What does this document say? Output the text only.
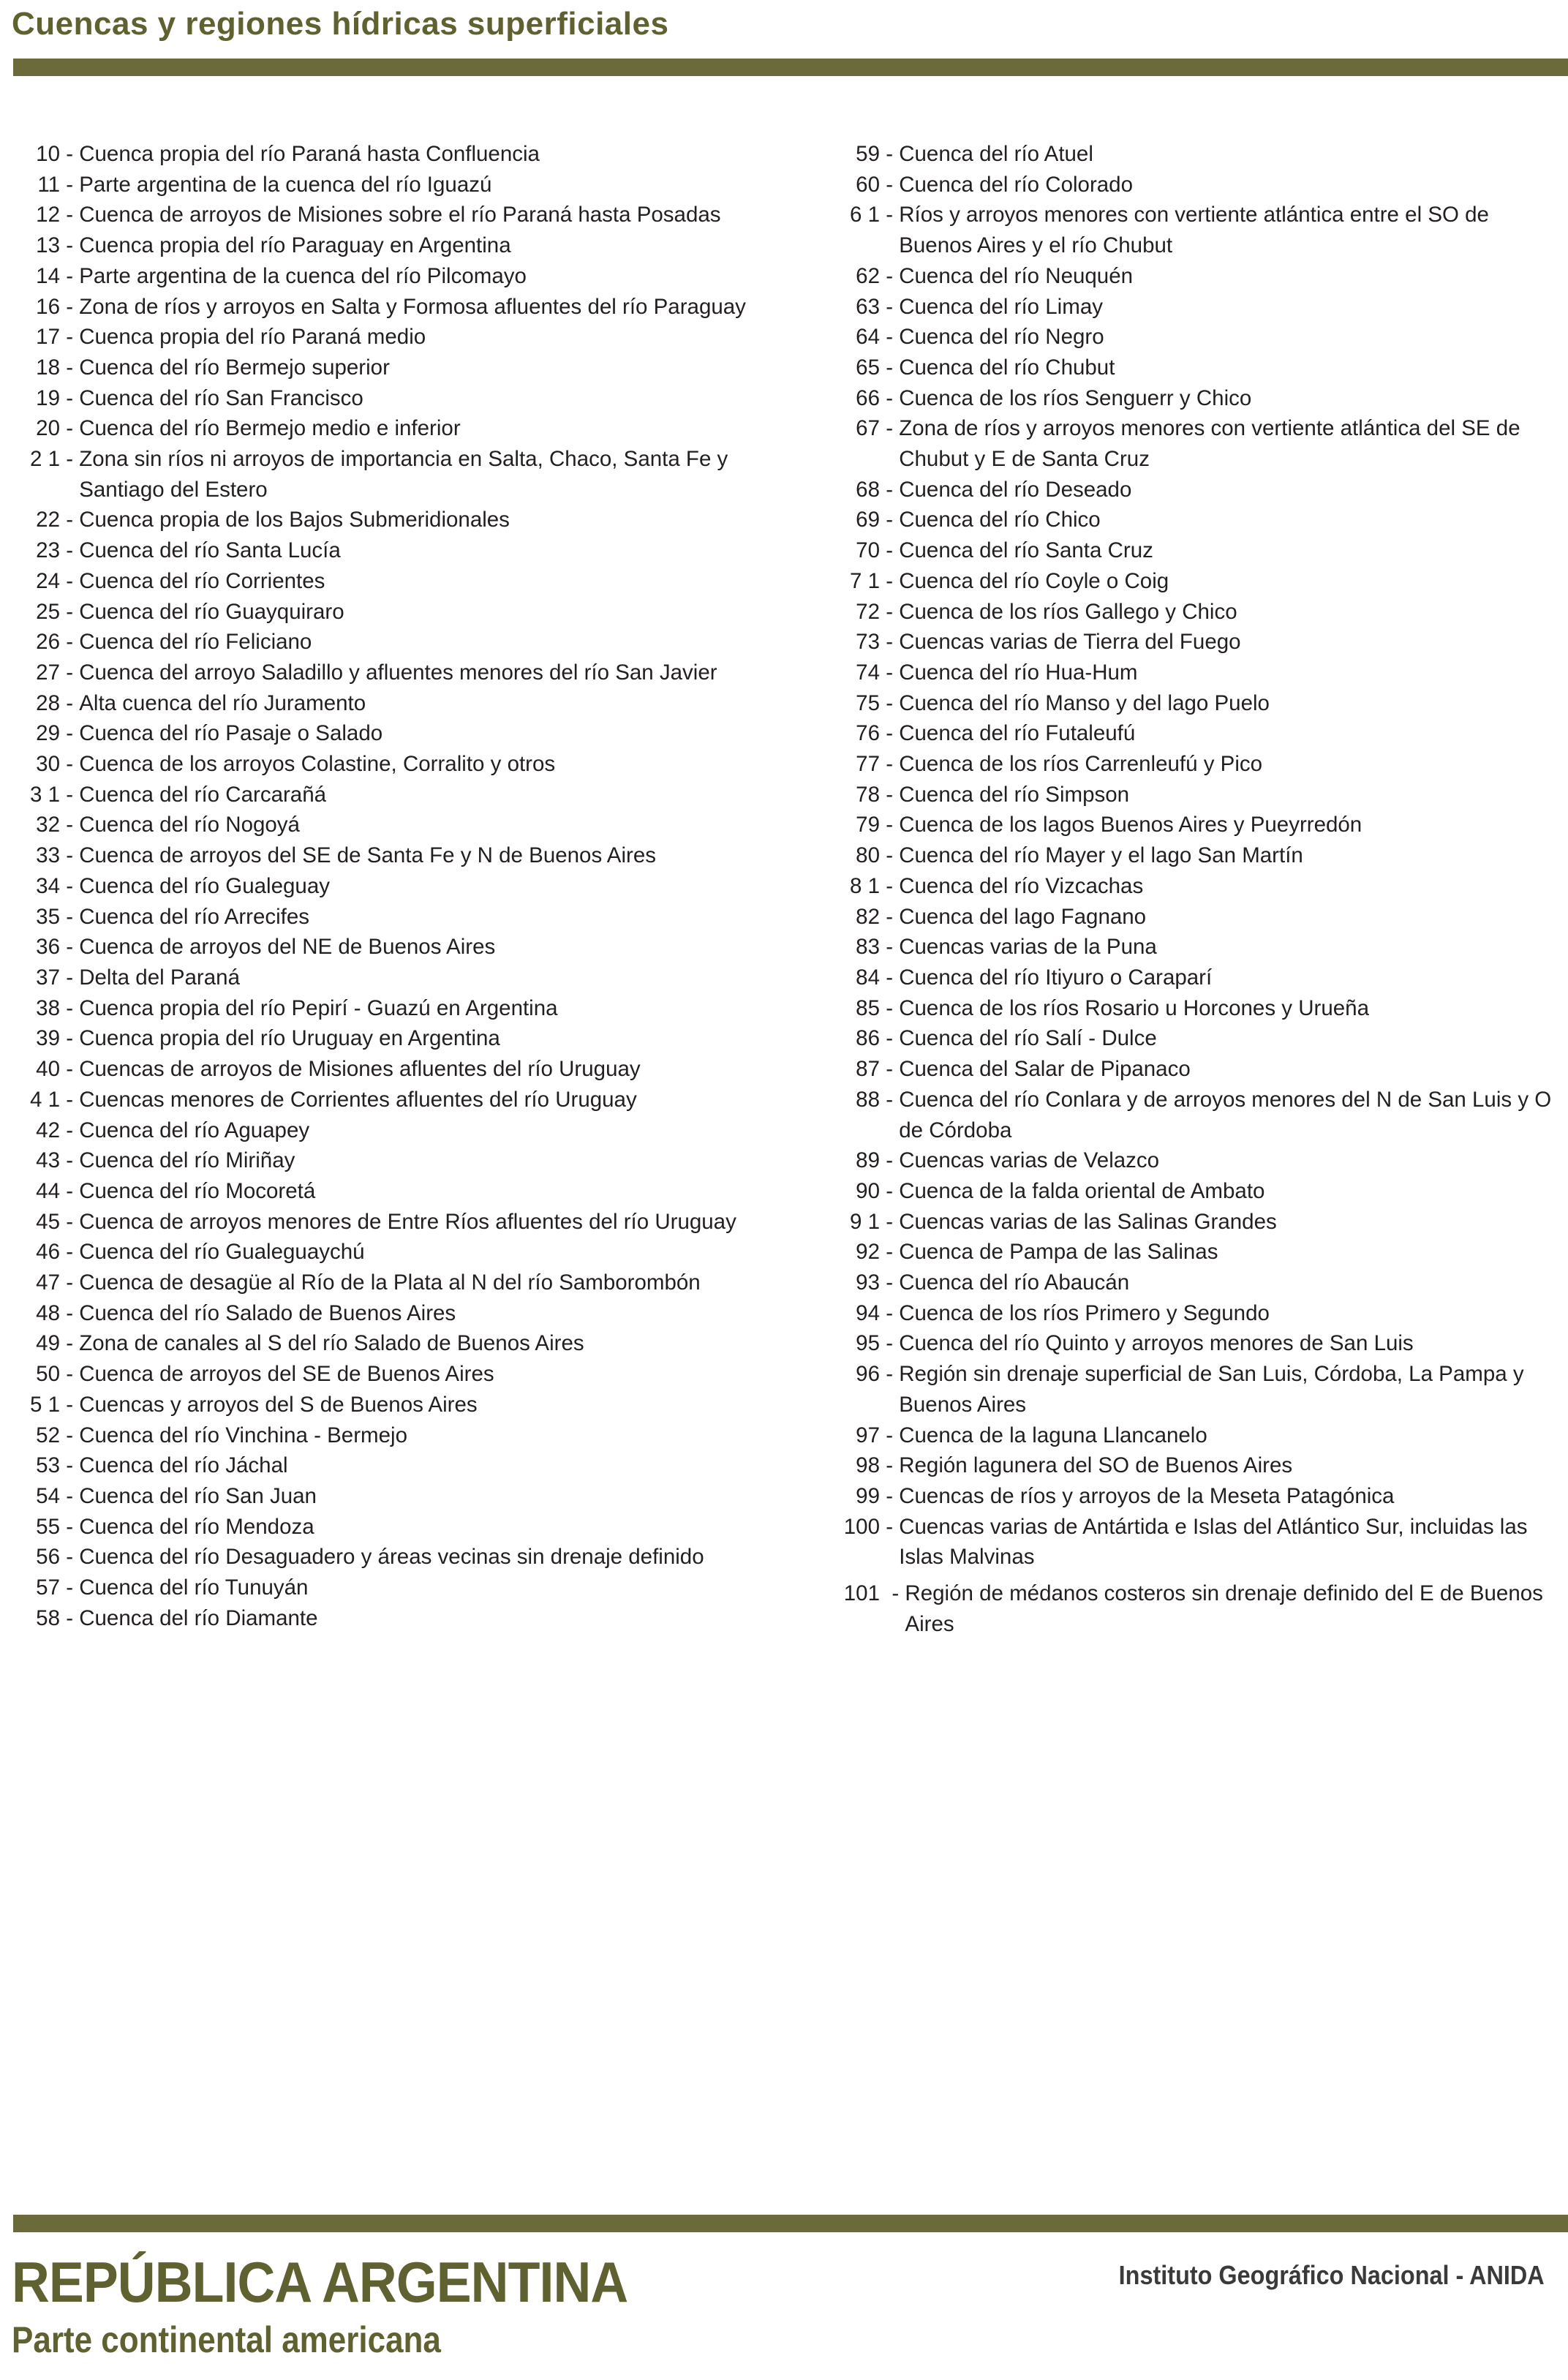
Cuencas y regiones hídricas superficiales
10 - Cuenca propia del río Paraná hasta Confluencia
11 - Parte argentina de la cuenca del río Iguazú
12 - Cuenca de arroyos de Misiones sobre el río Paraná hasta Posadas
13 - Cuenca propia del río Paraguay en Argentina
14 - Parte argentina de la cuenca del río Pilcomayo
16 - Zona de ríos y arroyos en Salta y Formosa afluentes del río Paraguay
17 - Cuenca propia del río Paraná medio
18 - Cuenca del río Bermejo superior
19 - Cuenca del río San Francisco
20 - Cuenca del río Bermejo medio e inferior
2 1 - Zona sin ríos ni arroyos de importancia en Salta, Chaco, Santa Fe y Santiago del Estero
22 - Cuenca propia de los Bajos Submeridionales
23 - Cuenca del río Santa Lucía
24 - Cuenca del río Corrientes
25 - Cuenca del río Guayquiraro
26 - Cuenca del río Feliciano
27 - Cuenca del arroyo Saladillo y afluentes menores del río San Javier
28 - Alta cuenca del río Juramento
29 - Cuenca del río Pasaje o Salado
30 - Cuenca de los arroyos Colastine, Corralito y otros
3 1 - Cuenca del río Carcarañá
32 - Cuenca del río Nogoyá
33 - Cuenca de arroyos del SE de Santa Fe y N de Buenos Aires
34 - Cuenca del río Gualeguay
35 - Cuenca del río Arrecifes
36 - Cuenca de arroyos del NE de Buenos Aires
37 - Delta del Paraná
38 - Cuenca propia del río Pepirí - Guazú en Argentina
39 - Cuenca propia del río Uruguay en Argentina
40 - Cuencas de arroyos de Misiones afluentes del río Uruguay
4 1 - Cuencas menores de Corrientes afluentes del río Uruguay
42 - Cuenca del río Aguapey
43 - Cuenca del río Miriñay
44 - Cuenca del río Mocoretá
45 - Cuenca de arroyos menores de Entre Ríos afluentes del río Uruguay
46 - Cuenca del río Gualeguaychú
47 - Cuenca de desagüe al Río de la Plata al N del río Samborombón
48 - Cuenca del río Salado de Buenos Aires
49 - Zona de canales al S del río Salado de Buenos Aires
50 - Cuenca de arroyos del SE de Buenos Aires
5 1 - Cuencas y arroyos del S de Buenos Aires
52 - Cuenca del río Vinchina - Bermejo
53 - Cuenca del río Jáchal
54 - Cuenca del río San Juan
55 - Cuenca del río Mendoza
56 - Cuenca del río Desaguadero y áreas vecinas sin drenaje definido
57 - Cuenca del río Tunuyán
58 - Cuenca del río Diamante
59 - Cuenca del río Atuel
60 - Cuenca del río Colorado
6 1 - Ríos y arroyos menores con vertiente atlántica entre el SO de Buenos Aires y el río Chubut
62 - Cuenca del río Neuquén
63 - Cuenca del río Limay
64 - Cuenca del río Negro
65 - Cuenca del río Chubut
66 - Cuenca de los ríos Senguerr y Chico
67 - Zona de ríos y arroyos menores con vertiente atlántica del SE de Chubut y E de Santa Cruz
68 - Cuenca del río Deseado
69 - Cuenca del río Chico
70 - Cuenca del río Santa Cruz
7 1 - Cuenca del río Coyle o Coig
72 - Cuenca de los ríos Gallego y Chico
73 - Cuencas varias de Tierra del Fuego
74 - Cuenca del río Hua-Hum
75 - Cuenca del río Manso y del lago Puelo
76 - Cuenca del río Futaleufú
77 - Cuenca de los ríos Carrenleufú y Pico
78 - Cuenca del río Simpson
79 - Cuenca de los lagos Buenos Aires y Pueyrredón
80 - Cuenca del río Mayer y el lago San Martín
8 1 - Cuenca del río Vizcachas
82 - Cuenca del lago Fagnano
83 - Cuencas varias de la Puna
84 - Cuenca del río Itiyuro o Caraparí
85 - Cuenca de los ríos Rosario u Horcones y Urueña
86 - Cuenca del río Salí - Dulce
87 - Cuenca del Salar de Pipanaco
88 - Cuenca del río Conlara y de arroyos menores del N de San Luis y O de Córdoba
89 - Cuencas varias de Velazco
90 - Cuenca de la falda oriental de Ambato
9 1 - Cuencas varias de las Salinas Grandes
92 - Cuenca de Pampa de las Salinas
93 - Cuenca del río Abaucán
94 - Cuenca de los ríos Primero y Segundo
95 - Cuenca del río Quinto y arroyos menores de San Luis
96 - Región sin drenaje superficial de San Luis, Córdoba, La Pampa y Buenos Aires
97 - Cuenca de la laguna Llancanelo
98 - Región lagunera del SO de Buenos Aires
99 - Cuencas de ríos y arroyos de la Meseta Patagónica
100 - Cuencas varias de Antártida e Islas del Atlántico Sur, incluidas las Islas Malvinas
101 - Región de médanos costeros sin drenaje definido del E de Buenos Aires
REPÚBLICA ARGENTINA
Parte continental americana
Instituto Geográfico Nacional - ANIDA
